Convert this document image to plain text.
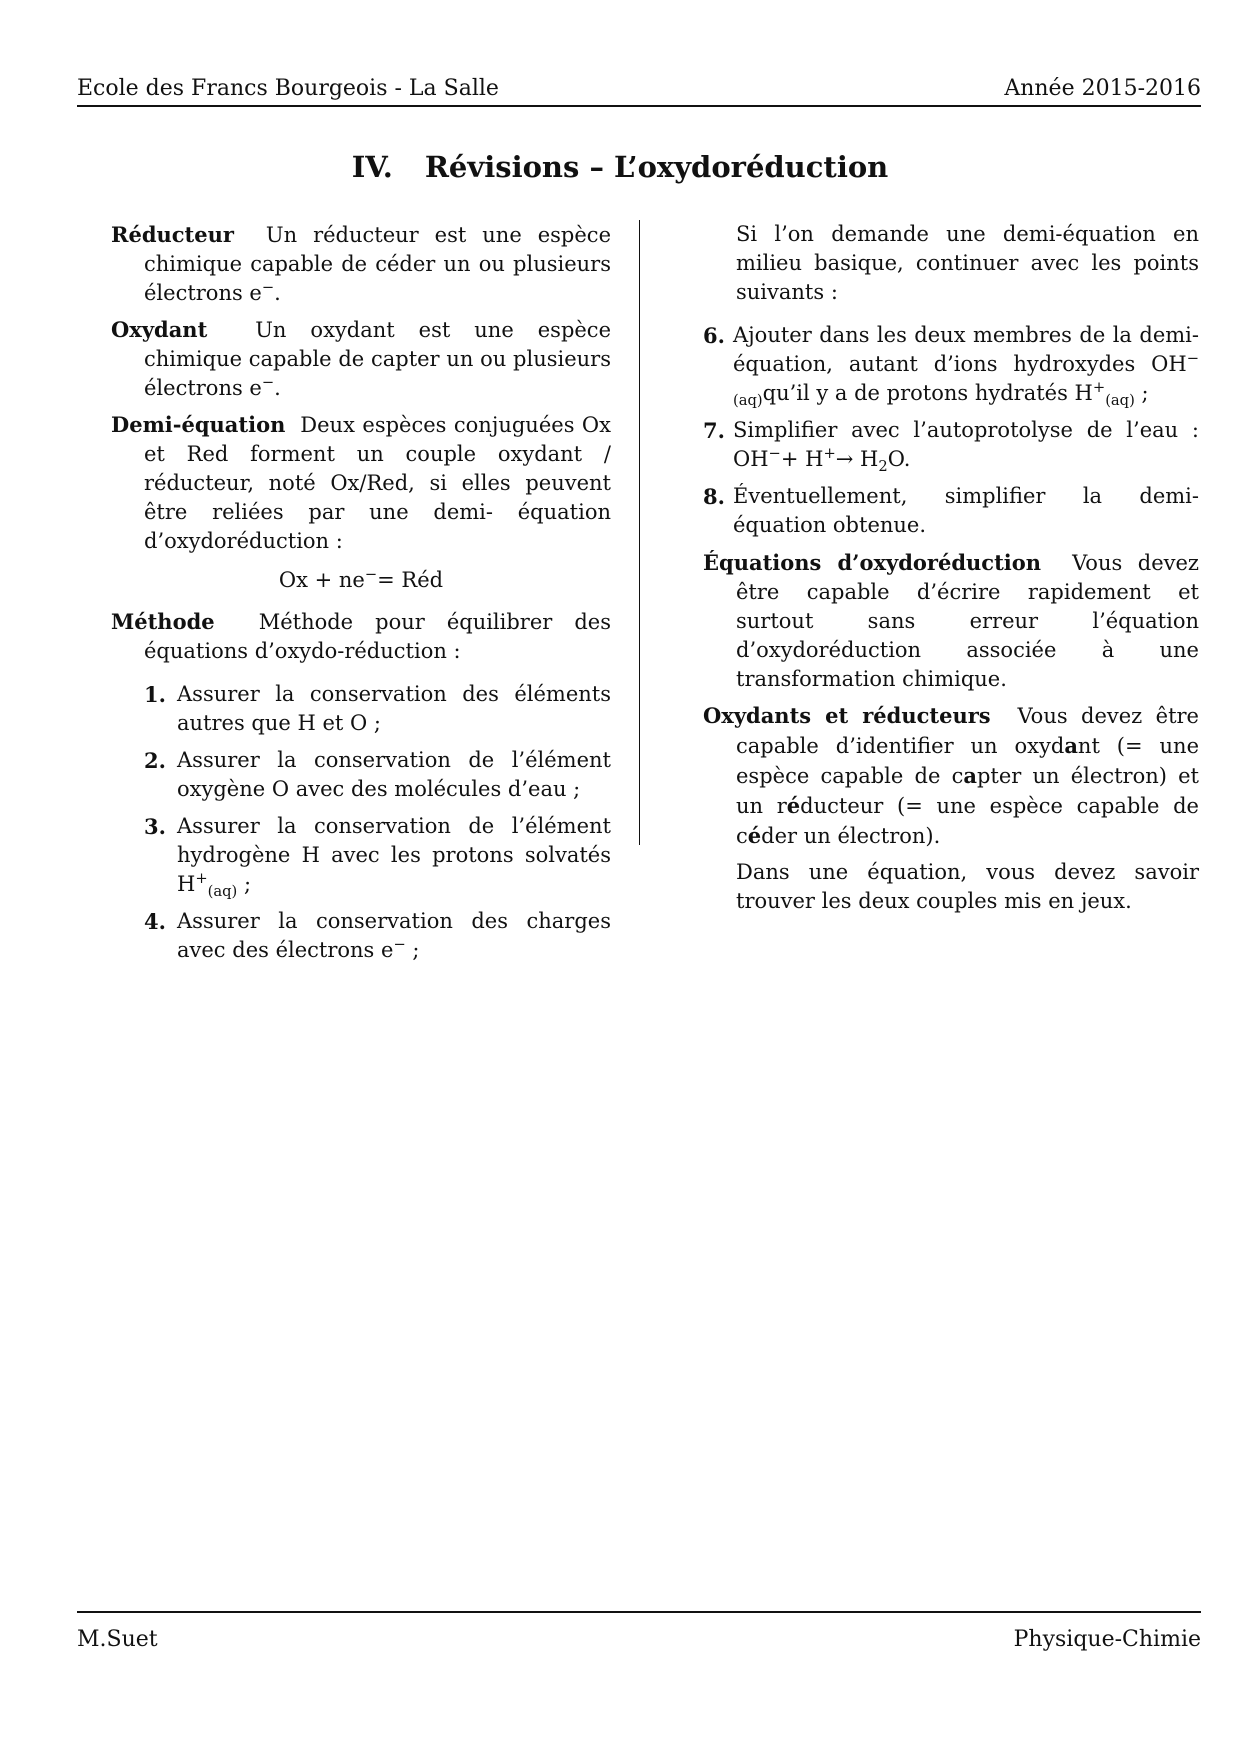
Ecole des Francs Bourgeois - La Salle	Année 2015-2016
IV. Révisions – L’oxydoréduction

Réducteur Un réducteur est une espèce chimique capable de céder un ou plusieurs électrons e−.

Oxydant Un oxydant est une espèce chimique capable de capter un ou plusieurs électrons e−.

Demi-équation Deux espèces conjuguées Ox et Red forment un couple oxydant / réducteur, noté Ox/Red, si elles peuvent être reliées par une demi- équation d’oxydoréduction :

Ox + ne−= Réd

Méthode Méthode pour équilibrer des équations d’oxydo-réduction :

1. Assurer la conservation des éléments autres que H et O ;
2. Assurer la conservation de l’élément oxygène O avec des molécules d’eau ;
3. Assurer la conservation de l’élément hydrogène H avec les protons solvatés $H^+_{(aq)}$ ;
4. Assurer la conservation des charges avec des électrons e− ;

Si l’on demande une demi-équation en milieu basique, continuer avec les points suivants :

6. Ajouter dans les deux membres de la demi-équation, autant d’ions hydroxydes $OH^-_{(aq)}qu’il$ y a de protons hydratés $H^+_{(aq)}$ ;
7. Simplifier avec l’autoprotolyse de l’eau : $OH^-+ H^+\to H_2O$.
8. Éventuellement, simplifier la demi-équation obtenue.

Équations d’oxydoréduction Vous devez être capable d’écrire rapidement et surtout sans erreur l’équation d’oxydoréduction associée à une transformation chimique.

Oxydants et réducteurs Vous devez être capable d’identifier un oxydant (= une espèce capable de capter un électron) et un réducteur (= une espèce capable de céder un électron).

Dans une équation, vous devez savoir trouver les deux couples mis en jeux.

M.Suet	Physique-Chimie
